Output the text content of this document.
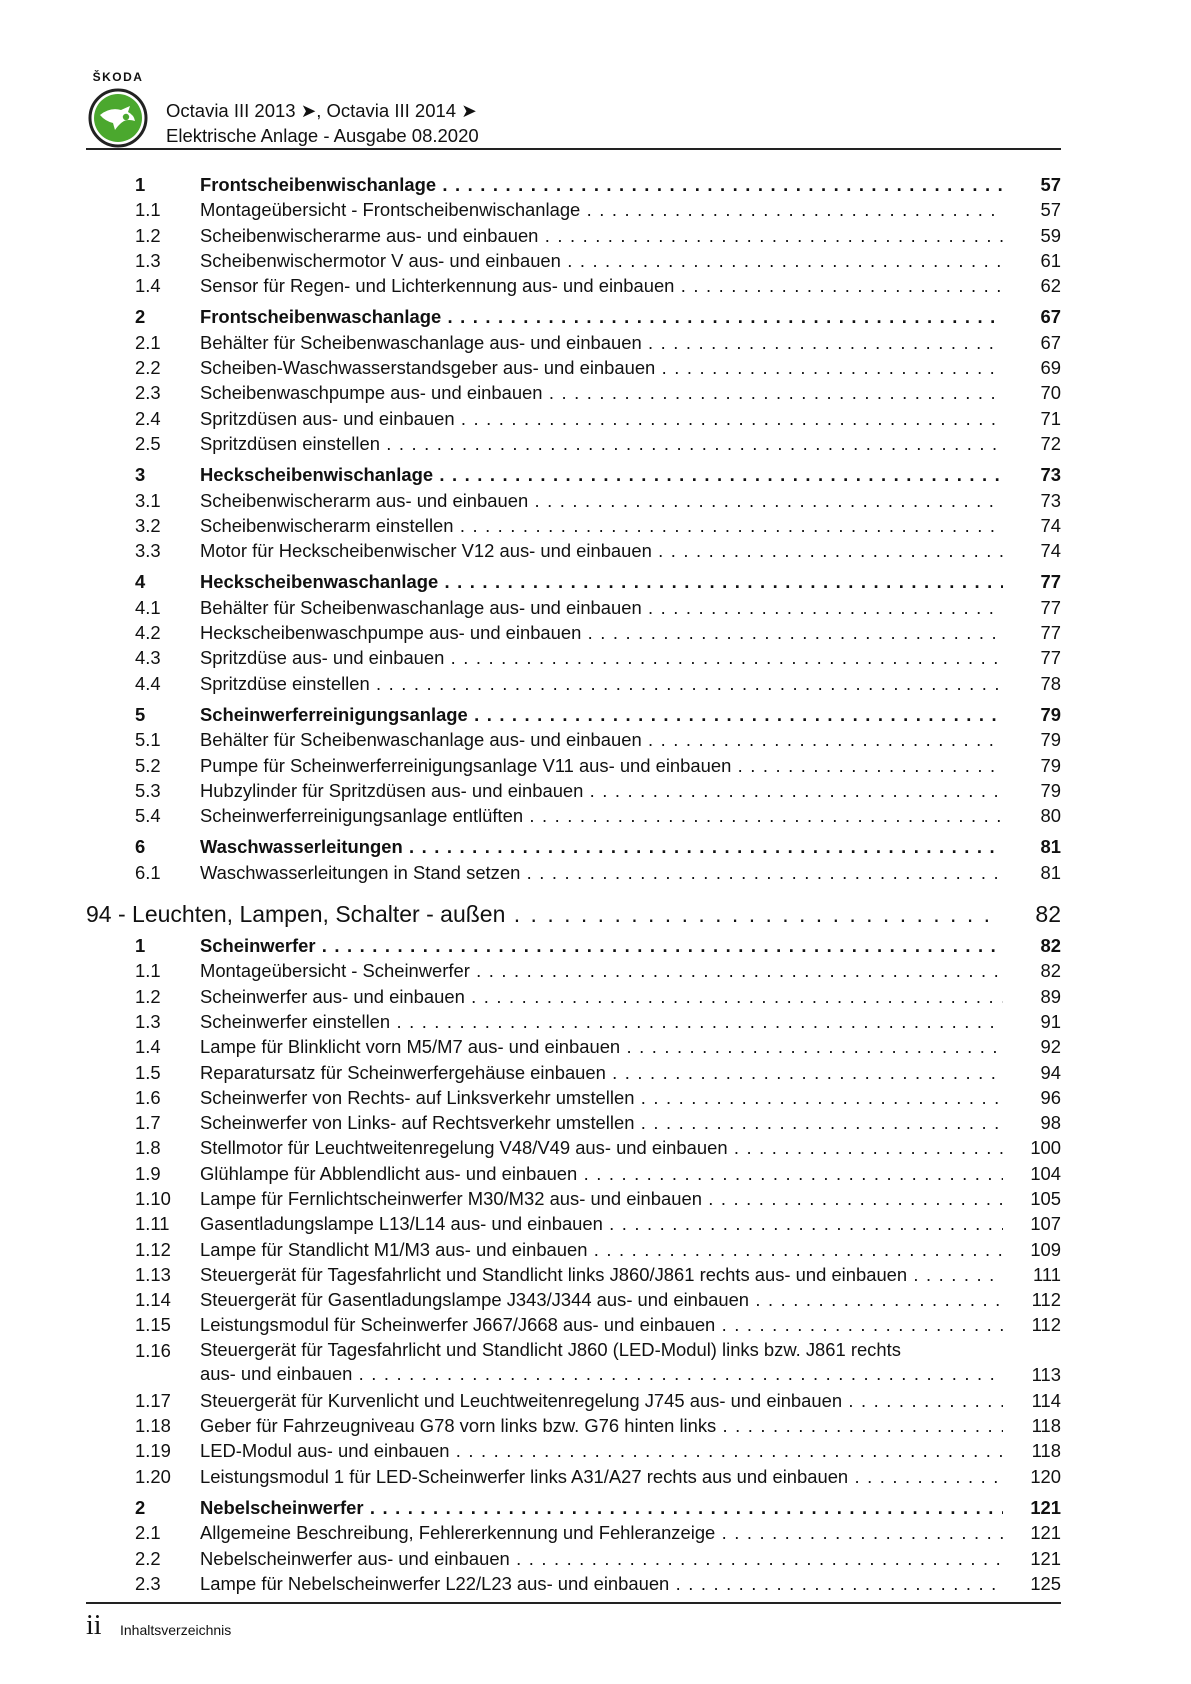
ŠKODA
Octavia III 2013 ➤, Octavia III 2014 ➤
Elektrische Anlage - Ausgabe 08.2020
1	Frontscheibenwischanlage . . .	57
1.1 Montageübersicht - Frontscheibenwischanlage . . .	57
1.2 Scheibenwischerarme aus- und einbauen . . .	59
1.3 Scheibenwischermotor V aus- und einbauen . . .	61
1.4 Sensor für Regen- und Lichterkennung aus- und einbauen . . .	62
2	Frontscheibenwaschanlage . . .	67
2.1 Behälter für Scheibenwaschanlage aus- und einbauen . . .	67
2.2 Scheiben-Waschwasserstandsgeber aus- und einbauen . . .	69
2.3 Scheibenwaschpumpe aus- und einbauen . . .	70
2.4 Spritzdüsen aus- und einbauen . . .	71
2.5 Spritzdüsen einstellen . . .	72
3	Heckscheibenwischanlage . . .	73
3.1 Scheibenwischerarm aus- und einbauen . . .	73
3.2 Scheibenwischerarm einstellen . . .	74
3.3 Motor für Heckscheibenwischer V12 aus- und einbauen . . .	74
4	Heckscheibenwaschanlage . . .	77
4.1 Behälter für Scheibenwaschanlage aus- und einbauen . . .	77
4.2 Heckscheibenwaschpumpe aus- und einbauen . . .	77
4.3 Spritzdüse aus- und einbauen . . .	77
4.4 Spritzdüse einstellen . . .	78
5	Scheinwerferreinigungsanlage . . .	79
5.1 Behälter für Scheibenwaschanlage aus- und einbauen . . .	79
5.2 Pumpe für Scheinwerferreinigungsanlage V11 aus- und einbauen . . .	79
5.3 Hubzylinder für Spritzdüsen aus- und einbauen . . .	79
5.4 Scheinwerferreinigungsanlage entlüften . . .	80
6	Waschwasserleitungen . . .	81
6.1 Waschwasserleitungen in Stand setzen . . .	81
94 - Leuchten, Lampen, Schalter - außen . . .	82
1	Scheinwerfer . . .	82
1.1 Montageübersicht - Scheinwerfer . . .	82
1.2 Scheinwerfer aus- und einbauen . . .	89
1.3 Scheinwerfer einstellen . . .	91
1.4 Lampe für Blinklicht vorn M5/M7 aus- und einbauen . . .	92
1.5 Reparatursatz für Scheinwerfergehäuse einbauen . . .	94
1.6 Scheinwerfer von Rechts- auf Linksverkehr umstellen . . .	96
1.7 Scheinwerfer von Links- auf Rechtsverkehr umstellen . . .	98
1.8 Stellmotor für Leuchtweitenregelung V48/V49 aus- und einbauen . . .	100
1.9 Glühlampe für Abblendlicht aus- und einbauen . . .	104
1.10 Lampe für Fernlichtscheinwerfer M30/M32 aus- und einbauen . . .	105
1.11 Gasentladungslampe L13/L14 aus- und einbauen . . .	107
1.12 Lampe für Standlicht M1/M3 aus- und einbauen . . .	109
1.13 Steuergerät für Tagesfahrlicht und Standlicht links J860/J861 rechts aus- und einbauen . . .	111
1.14 Steuergerät für Gasentladungslampe J343/J344 aus- und einbauen . . .	112
1.15 Leistungsmodul für Scheinwerfer J667/J668 aus- und einbauen . . .	112
1.16 Steuergerät für Tagesfahrlicht und Standlicht J860 (LED-Modul) links bzw. J861 rechts
aus- und einbauen . . .	113
1.17 Steuergerät für Kurvenlicht und Leuchtweitenregelung J745 aus- und einbauen . . .	114
1.18 Geber für Fahrzeugniveau G78 vorn links bzw. G76 hinten links . . .	118
1.19 LED-Modul aus- und einbauen . . .	118
1.20 Leistungsmodul 1 für LED-Scheinwerfer links A31/A27 rechts aus und einbauen . . .	120
2	Nebelscheinwerfer . . .	121
2.1 Allgemeine Beschreibung, Fehlererkennung und Fehleranzeige . . .	121
2.2 Nebelscheinwerfer aus- und einbauen . . .	121
2.3 Lampe für Nebelscheinwerfer L22/L23 aus- und einbauen . . .	125
ii Inhaltsverzeichnis
